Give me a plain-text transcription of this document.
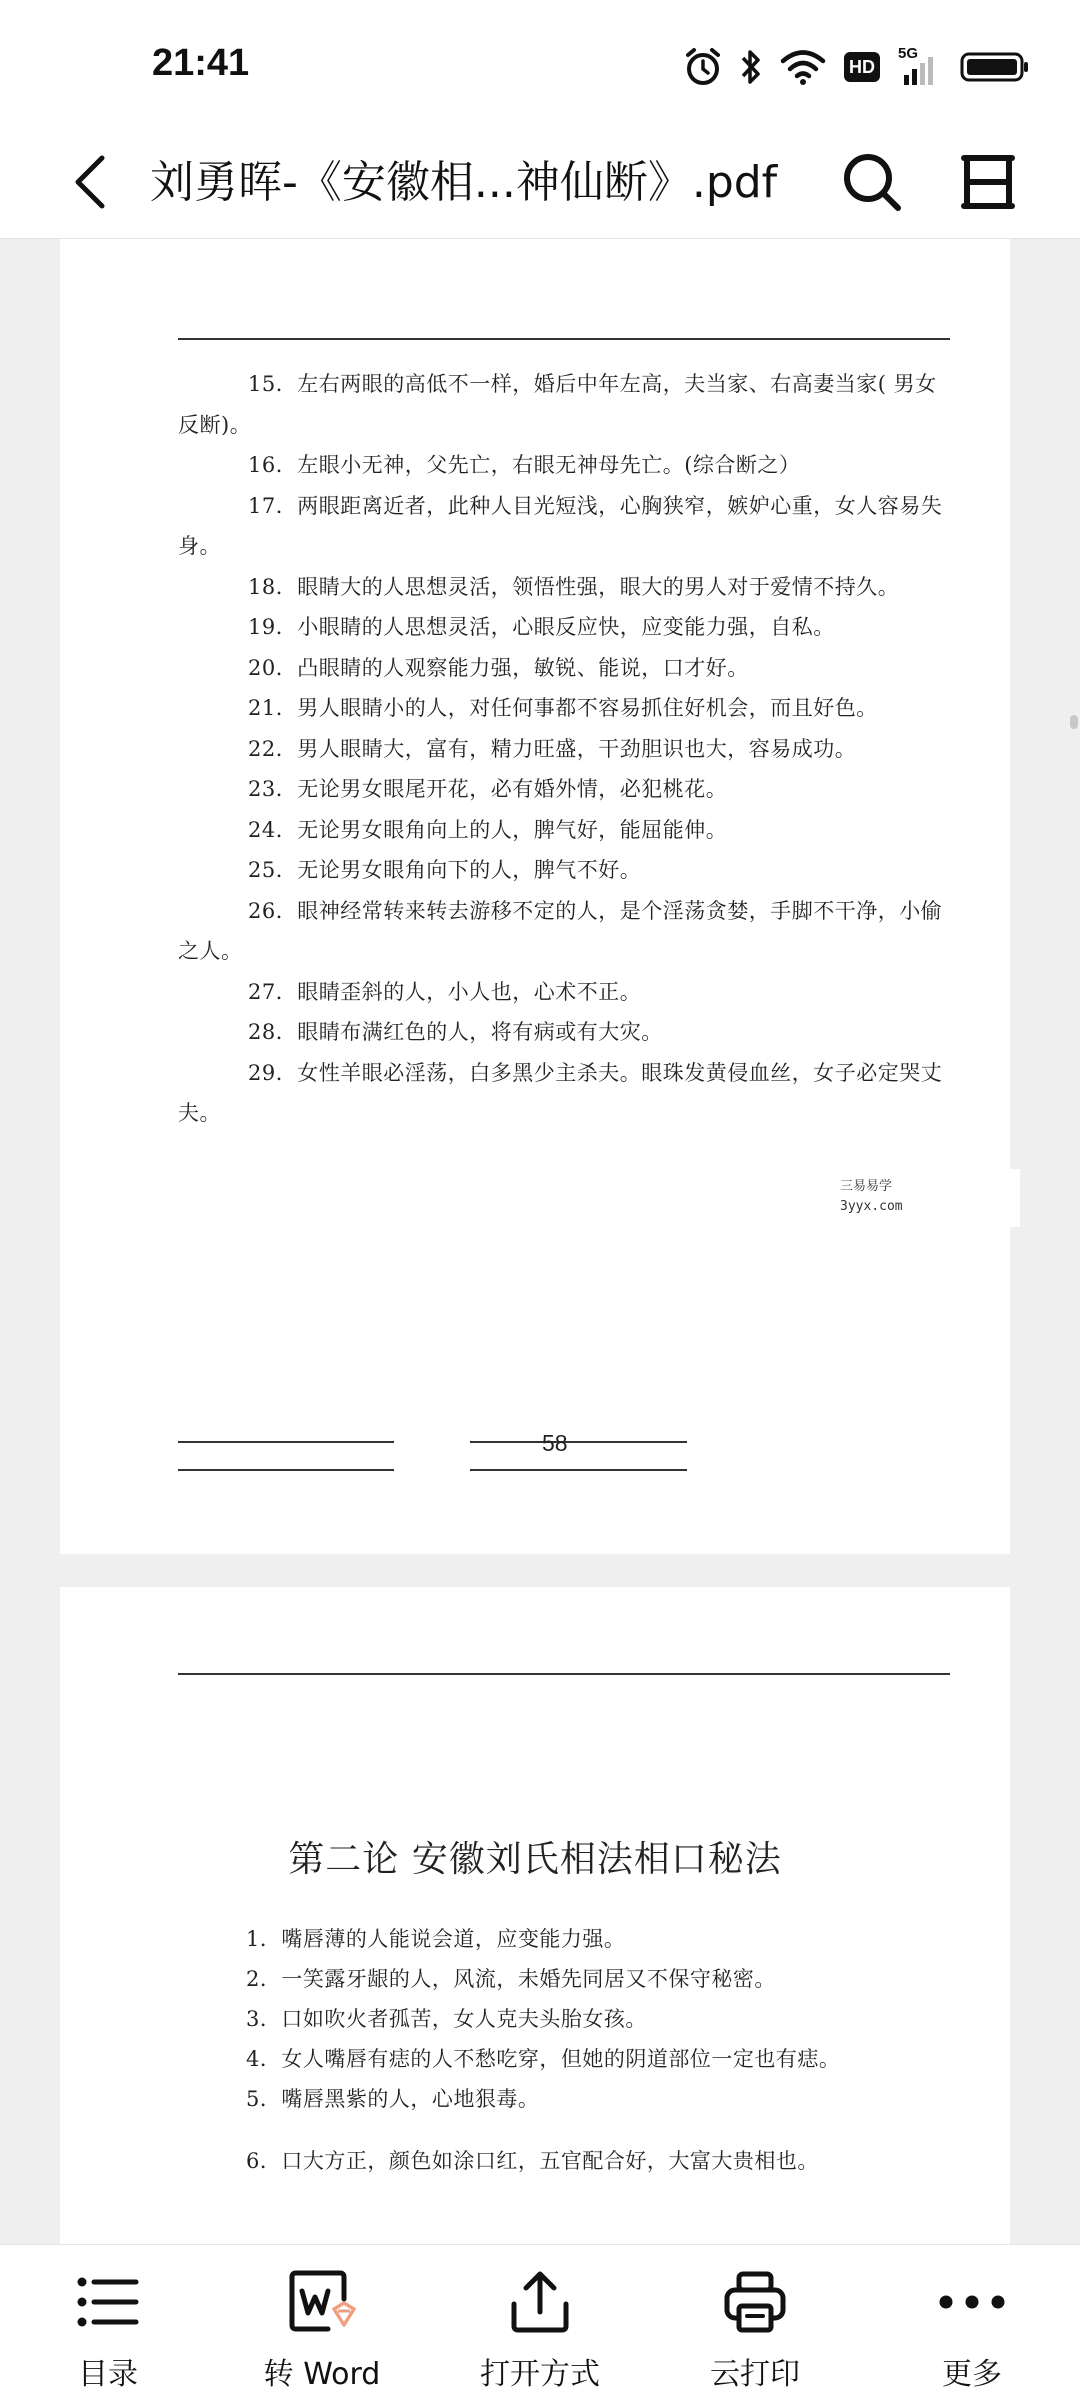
21:41	HD
5G
刘勇晖-《安徽相...神仙断》.pdf

15．左右两眼的高低不一样，婚后中年左高，夫当家、右高妻当家( 男女反断)。

16．左眼小无神，父先亡，右眼无神母先亡。(综合断之）

17．两眼距离近者，此种人目光短浅，心胸狭窄，嫉妒心重，女人容易失身。

18．眼睛大的人思想灵活，领悟性强，眼大的男人对于爱情不持久。

19．小眼睛的人思想灵活，心眼反应快，应变能力强，自私。

20．凸眼睛的人观察能力强，敏锐、能说，口才好。

21．男人眼睛小的人，对任何事都不容易抓住好机会，而且好色。

22．男人眼睛大，富有，精力旺盛，干劲胆识也大，容易成功。

23．无论男女眼尾开花，必有婚外情，必犯桃花。

24．无论男女眼角向上的人，脾气好，能屈能伸。

25．无论男女眼角向下的人，脾气不好。

26．眼神经常转来转去游移不定的人，是个淫荡贪婪，手脚不干净，小偷之人。

27．眼睛歪斜的人，小人也，心术不正。

28．眼睛布满红色的人，将有病或有大灾。

29．女性羊眼必淫荡，白多黑少主杀夫。眼珠发黄侵血丝，女子必定哭丈夫。

58
三易易学
3yyx.com
第二论 安徽刘氏相法相口秘法

1．嘴唇薄的人能说会道，应变能力强。

2．一笑露牙龈的人，风流，未婚先同居又不保守秘密。

3．口如吹火者孤苦，女人克夫头胎女孩。

4．女人嘴唇有痣的人不愁吃穿，但她的阴道部位一定也有痣。

5．嘴唇黑紫的人，心地狠毒。

6．口大方正，颜色如涂口红，五官配合好，大富大贵相也。

目录	转 Word	打开方式	云打印	更多
